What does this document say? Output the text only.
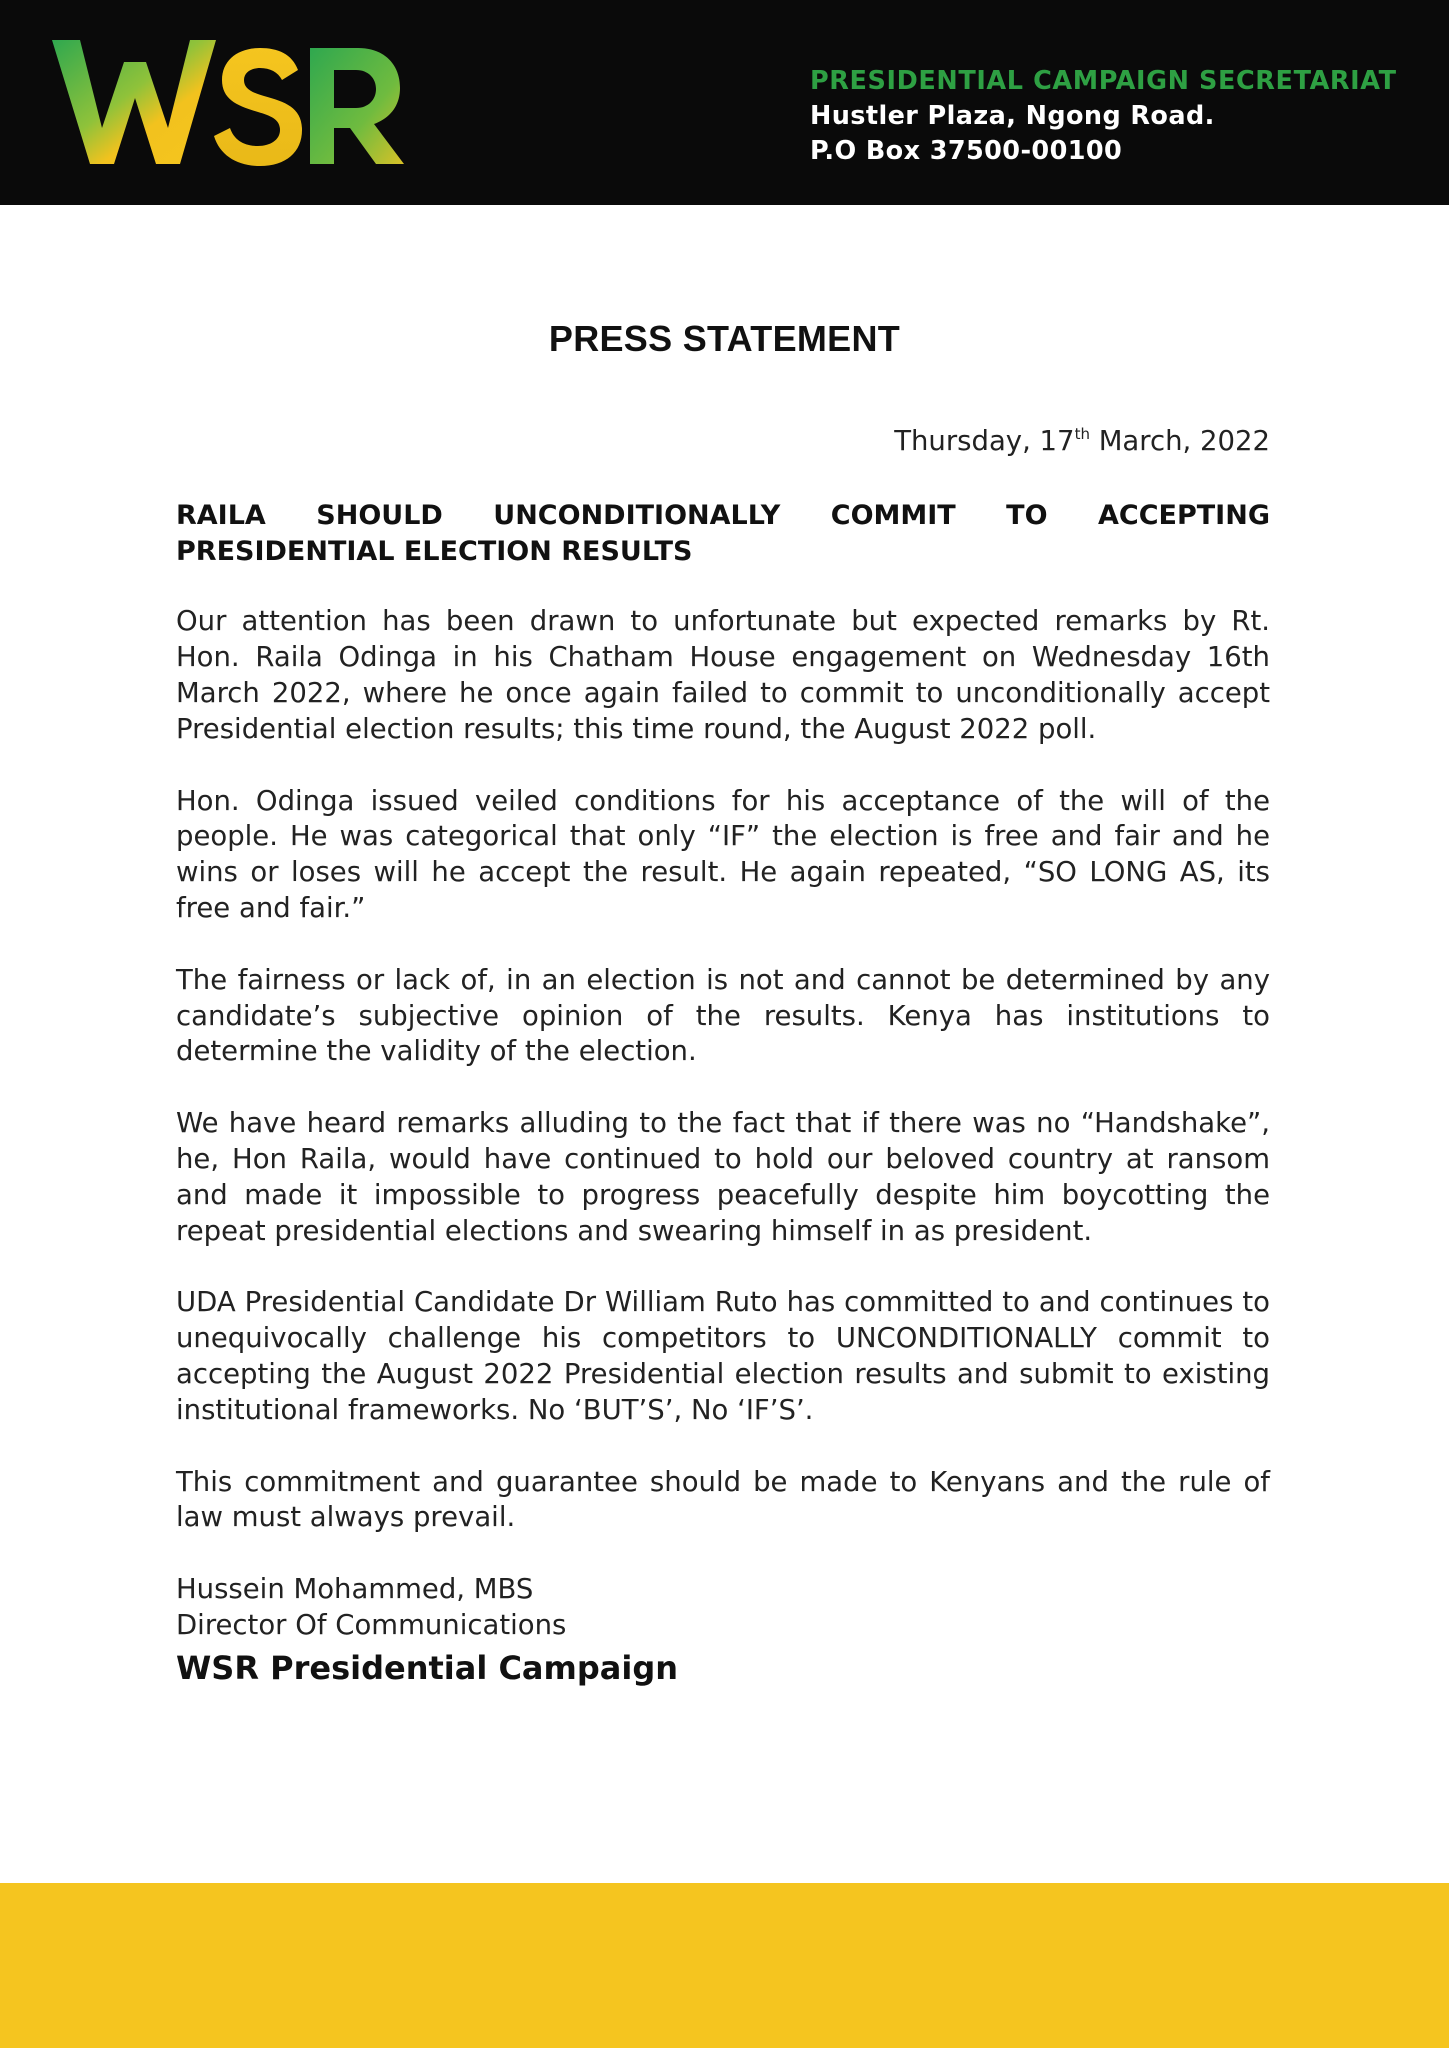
PRESIDENTIAL CAMPAIGN SECRETARIAT
Hustler Plaza, Ngong Road.
P.O Box 37500-00100
PRESS STATEMENT
Thursday, 17th March, 2022
RAILA SHOULD UNCONDITIONALLY COMMIT TO ACCEPTING PRESIDENTIAL ELECTION RESULTS

Our attention has been drawn to unfortunate but expected remarks by Rt. Hon. Raila Odinga in his Chatham House engagement on Wednesday 16th March 2022, where he once again failed to commit to unconditionally accept Presidential election results; this time round, the August 2022 poll.

Hon. Odinga issued veiled conditions for his acceptance of the will of the people. He was categorical that only “IF” the election is free and fair and he wins or loses will he accept the result. He again repeated, “SO LONG AS, its free and fair.”

The fairness or lack of, in an election is not and cannot be determined by any candidate’s subjective opinion of the results. Kenya has institutions to determine the validity of the election.

We have heard remarks alluding to the fact that if there was no “Handshake”, he, Hon Raila, would have continued to hold our beloved country at ransom and made it impossible to progress peacefully despite him boycotting the repeat presidential elections and swearing himself in as president.

UDA Presidential Candidate Dr William Ruto has committed to and continues to unequivocally challenge his competitors to UNCONDITIONALLY commit to accepting the August 2022 Presidential election results and submit to existing institutional frameworks. No ‘BUT’S’, No ‘IF’S’.

This commitment and guarantee should be made to Kenyans and the rule of law must always prevail.

Hussein Mohammed, MBS
Director Of Communications
WSR Presidential Campaign
